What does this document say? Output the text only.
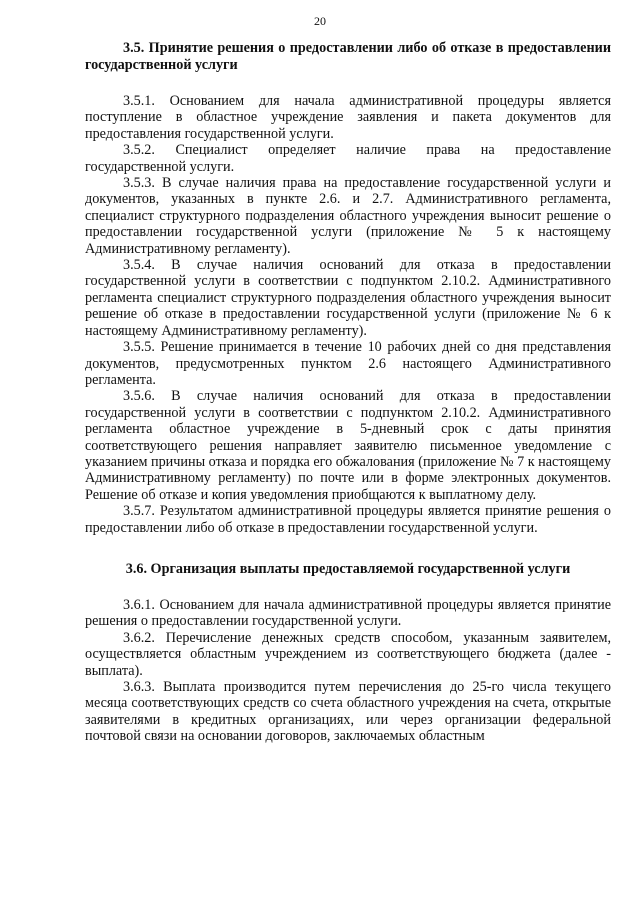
20

3.5. Принятие решения о предоставлении либо об отказе в предоставлении государственной услуги

3.5.1. Основанием для начала административной процедуры является поступление в областное учреждение заявления и пакета документов для предоставления государственной услуги.

3.5.2. Специалист определяет наличие права на предоставление государственной услуги.

3.5.3. В случае наличия права на предоставление государственной услуги и документов, указанных в пункте 2.6. и 2.7. Административного регламента, специалист структурного подразделения областного учреждения выносит решение о предоставлении государственной услуги (приложение № 5 к настоящему Административному регламенту).

3.5.4. В случае наличия оснований для отказа в предоставлении государственной услуги в соответствии с подпунктом 2.10.2. Административного регламента специалист структурного подразделения областного учреждения выносит решение об отказе в предоставлении государственной услуги (приложение № 6 к настоящему Административному регламенту).

3.5.5. Решение принимается в течение 10 рабочих дней со дня представления документов, предусмотренных пунктом 2.6 настоящего Административного регламента.

3.5.6. В случае наличия оснований для отказа в предоставлении государственной услуги в соответствии с подпунктом 2.10.2. Административного регламента областное учреждение в 5-дневный срок с даты принятия соответствующего решения направляет заявителю письменное уведомление с указанием причины отказа и порядка его обжалования (приложение № 7 к настоящему Административному регламенту) по почте или в форме электронных документов. Решение об отказе и копия уведомления приобщаются к выплатному делу.

3.5.7. Результатом административной процедуры является принятие решения о предоставлении либо об отказе в предоставлении государственной услуги.

3.6. Организация выплаты предоставляемой государственной услуги

3.6.1. Основанием для начала административной процедуры является принятие решения о предоставлении государственной услуги.

3.6.2. Перечисление денежных средств способом, указанным заявителем, осуществляется областным учреждением из соответствующего бюджета (далее - выплата).

3.6.3. Выплата производится путем перечисления до 25-го числа текущего месяца соответствующих средств со счета областного учреждения на счета, открытые заявителями в кредитных организациях, или через организации федеральной почтовой связи на основании договоров, заключаемых областным
